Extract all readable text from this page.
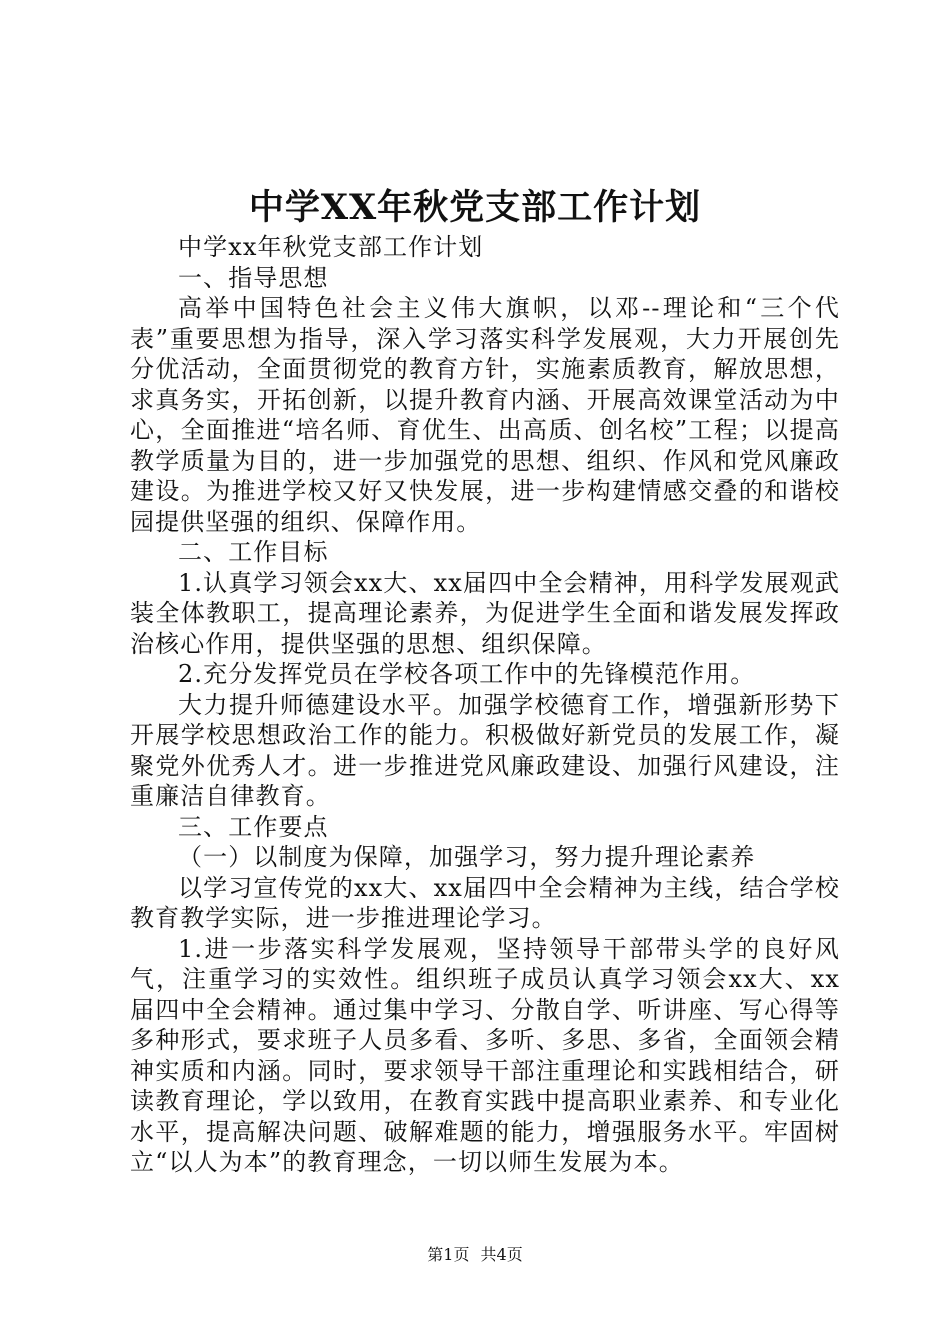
中学XX年秋党支部工作计划

中学xx年秋党支部工作计划

一、指导思想

高举中国特色社会主义伟大旗帜，以邓--理论和“三个代表”重要思想为指导，深入学习落实科学发展观，大力开展创先分优活动，全面贯彻党的教育方针，实施素质教育，解放思想，求真务实，开拓创新，以提升教育内涵、开展高效课堂活动为中心，全面推进“培名师、育优生、出高质、创名校”工程；以提高教学质量为目的，进一步加强党的思想、组织、作风和党风廉政建设。为推进学校又好又快发展，进一步构建情感交叠的和谐校园提供坚强的组织、保障作用。

二、工作目标

1.认真学习领会xx大、xx届四中全会精神，用科学发展观武装全体教职工，提高理论素养，为促进学生全面和谐发展发挥政治核心作用，提供坚强的思想、组织保障。

2.充分发挥党员在学校各项工作中的先锋模范作用。

大力提升师德建设水平。加强学校德育工作，增强新形势下开展学校思想政治工作的能力。积极做好新党员的发展工作，凝聚党外优秀人才。进一步推进党风廉政建设、加强行风建设，注重廉洁自律教育。

三、工作要点

（一）以制度为保障，加强学习，努力提升理论素养

以学习宣传党的xx大、xx届四中全会精神为主线，结合学校教育教学实际，进一步推进理论学习。

1.进一步落实科学发展观，坚持领导干部带头学的良好风气，注重学习的实效性。组织班子成员认真学习领会xx大、xx届四中全会精神。通过集中学习、分散自学、听讲座、写心得等多种形式，要求班子人员多看、多听、多思、多省，全面领会精神实质和内涵。同时，要求领导干部注重理论和实践相结合，研读教育理论，学以致用，在教育实践中提高职业素养、和专业化水平，提高解决问题、破解难题的能力，增强服务水平。牢固树立“以人为本”的教育理念，一切以师生发展为本。

第1页 共4页
